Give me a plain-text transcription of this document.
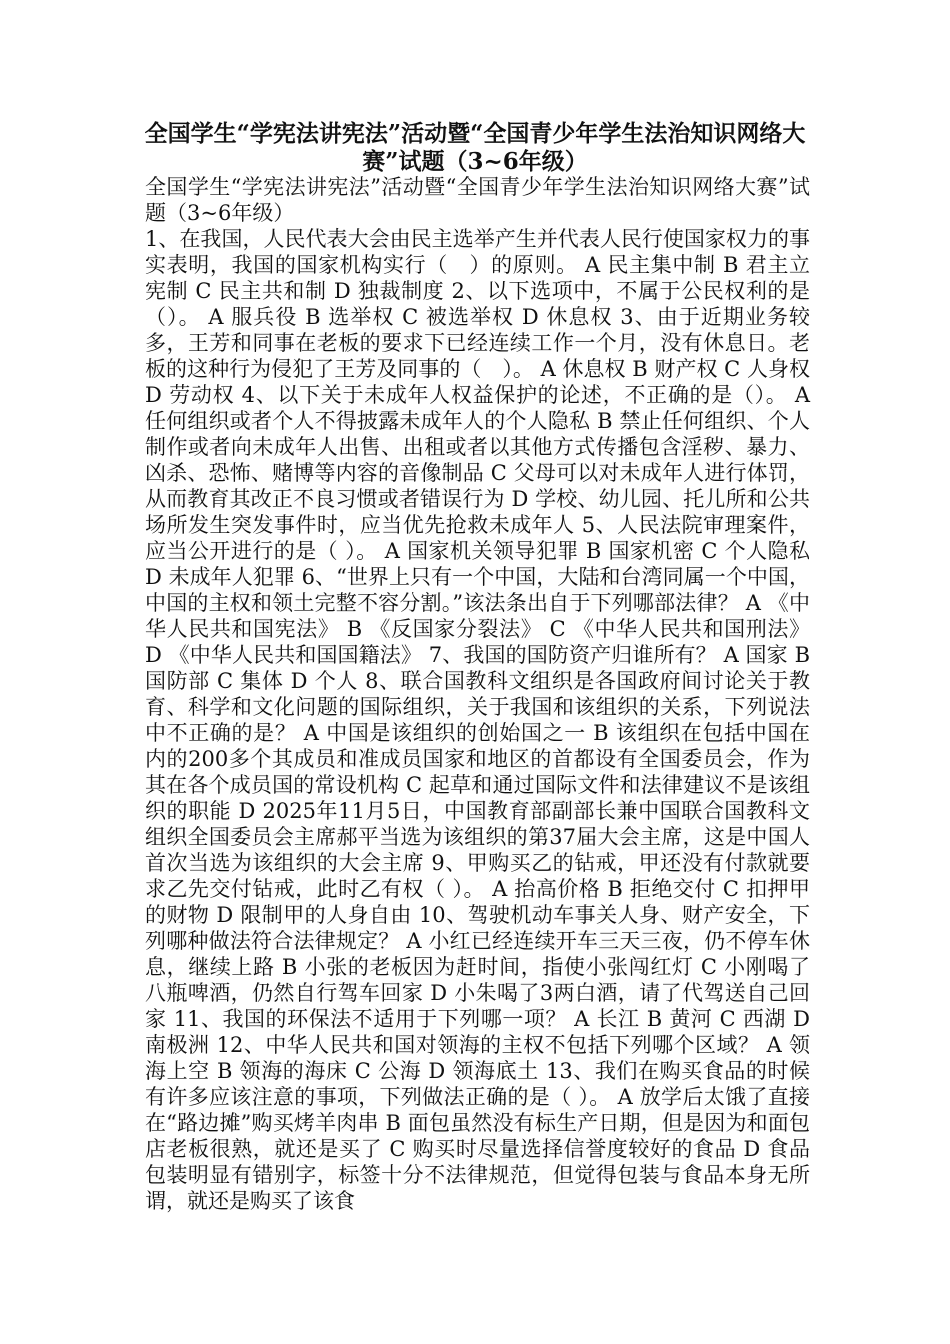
全国学生“学宪法讲宪法”活动暨“全国青少年学生法治知识网络大赛”试题（3~6年级）
全国学生“学宪法讲宪法”活动暨“全国青少年学生法治知识网络大赛”试题（3~6年级）
1、在我国，人民代表大会由民主选举产生并代表人民行使国家权力的事实表明，我国的国家机构实行（　）的原则。 A 民主集中制 B 君主立宪制 C 民主共和制 D 独裁制度 2、以下选项中，不属于公民权利的是（）。 A 服兵役 B 选举权 C 被选举权 D 休息权 3、由于近期业务较多，王芳和同事在老板的要求下已经连续工作一个月，没有休息日。老板的这种行为侵犯了王芳及同事的（　）。 A 休息权 B 财产权 C 人身权 D 劳动权 4、以下关于未成年人权益保护的论述，不正确的是（）。 A 任何组织或者个人不得披露未成年人的个人隐私 B 禁止任何组织、个人制作或者向未成年人出售、出租或者以其他方式传播包含淫秽、暴力、凶杀、恐怖、赌博等内容的音像制品 C 父母可以对未成年人进行体罚，从而教育其改正不良习惯或者错误行为 D 学校、幼儿园、托儿所和公共场所发生突发事件时，应当优先抢救未成年人 5、人民法院审理案件，应当公开进行的是（ ）。 A 国家机关领导犯罪 B 国家机密 C 个人隐私 D 未成年人犯罪 6、“世界上只有一个中国，大陆和台湾同属一个中国，中国的主权和领土完整不容分割。”该法条出自于下列哪部法律？ A 《中华人民共和国宪法》 B 《反国家分裂法》 C 《中华人民共和国刑法》 D 《中华人民共和国国籍法》 7、我国的国防资产归谁所有？ A 国家 B 国防部 C 集体 D 个人 8、联合国教科文组织是各国政府间讨论关于教育、科学和文化问题的国际组织，关于我国和该组织的关系，下列说法中不正确的是？ A 中国是该组织的创始国之一 B 该组织在包括中国在内的200多个其成员和准成员国家和地区的首都设有全国委员会，作为其在各个成员国的常设机构 C 起草和通过国际文件和法律建议不是该组织的职能 D 2025年11月5日，中国教育部副部长兼中国联合国教科文组织全国委员会主席郝平当选为该组织的第37届大会主席，这是中国人首次当选为该组织的大会主席 9、甲购买乙的钻戒，甲还没有付款就要求乙先交付钻戒，此时乙有权（ ）。 A 抬高价格 B 拒绝交付 C 扣押甲的财物 D 限制甲的人身自由 10、驾驶机动车事关人身、财产安全，下列哪种做法符合法律规定？ A 小红已经连续开车三天三夜，仍不停车休息，继续上路 B 小张的老板因为赶时间，指使小张闯红灯 C 小刚喝了八瓶啤酒，仍然自行驾车回家 D 小朱喝了3两白酒，请了代驾送自己回家 11、我国的环保法不适用于下列哪一项？ A 长江 B 黄河 C 西湖 D 南极洲 12、中华人民共和国对领海的主权不包括下列哪个区域？ A 领海上空 B 领海的海床 C 公海 D 领海底土 13、我们在购买食品的时候有许多应该注意的事项，下列做法正确的是（ ）。 A 放学后太饿了直接在“路边摊”购买烤羊肉串 B 面包虽然没有标生产日期，但是因为和面包店老板很熟，就还是买了 C 购买时尽量选择信誉度较好的食品 D 食品包装明显有错别字，标签十分不法律规范，但觉得包装与食品本身无所谓，就还是购买了该食
